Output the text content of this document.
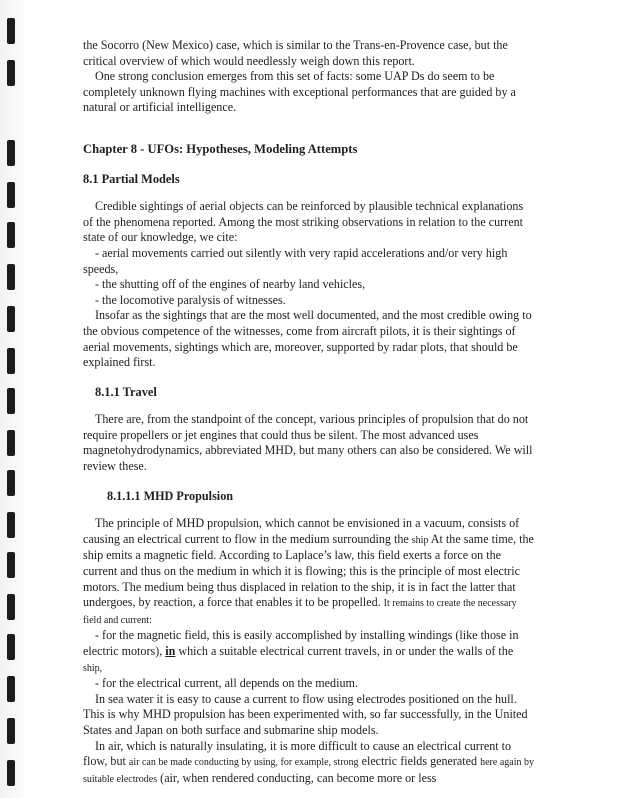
the Socorro (New Mexico) case, which is similar to the Trans-en-Provence case, but the critical overview of which would needlessly weigh down this report.

One strong conclusion emerges from this set of facts: some UAP Ds do seem to be completely unknown flying machines with exceptional performances that are guided by a natural or artificial intelligence.

Chapter 8 - UFOs: Hypotheses, Modeling Attempts
8.1 Partial Models

Credible sightings of aerial objects can be reinforced by plausible technical explanations of the phenomena reported. Among the most striking observations in relation to the current state of our knowledge, we cite:

- aerial movements carried out silently with very rapid accelerations and/or very high speeds,

- the shutting off of the engines of nearby land vehicles,

- the locomotive paralysis of witnesses.

Insofar as the sightings that are the most well documented, and the most credible owing to the obvious competence of the witnesses, come from aircraft pilots, it is their sightings of aerial movements, sightings which are, moreover, supported by radar plots, that should be explained first.

8.1.1 Travel

There are, from the standpoint of the concept, various principles of propulsion that do not require propellers or jet engines that could thus be silent. The most advanced uses magnetohydrodynamics, abbreviated MHD, but many others can also be considered. We will review these.

8.1.1.1 MHD Propulsion

The principle of MHD propulsion, which cannot be envisioned in a vacuum, consists of causing an electrical current to flow in the medium surrounding the ship At the same time, the ship emits a magnetic field. According to Laplace’s law, this field exerts a force on the current and thus on the medium in which it is flowing; this is the principle of most electric motors. The medium being thus displaced in relation to the ship, it is in fact the latter that undergoes, by reaction, a force that enables it to be propelled. It remains to create the necessary field and current:

- for the magnetic field, this is easily accomplished by installing windings (like those in electric motors), in which a suitable electrical current travels, in or under the walls of the ship,

- for the electrical current, all depends on the medium.

In sea water it is easy to cause a current to flow using electrodes positioned on the hull. This is why MHD propulsion has been experimented with, so far successfully, in the United States and Japan on both surface and submarine ship models.

In air, which is naturally insulating, it is more difficult to cause an electrical current to flow, but air can be made conducting by using, for example, strong electric fields generated here again by suitable electrodes (air, when rendered conducting, can become more or less
